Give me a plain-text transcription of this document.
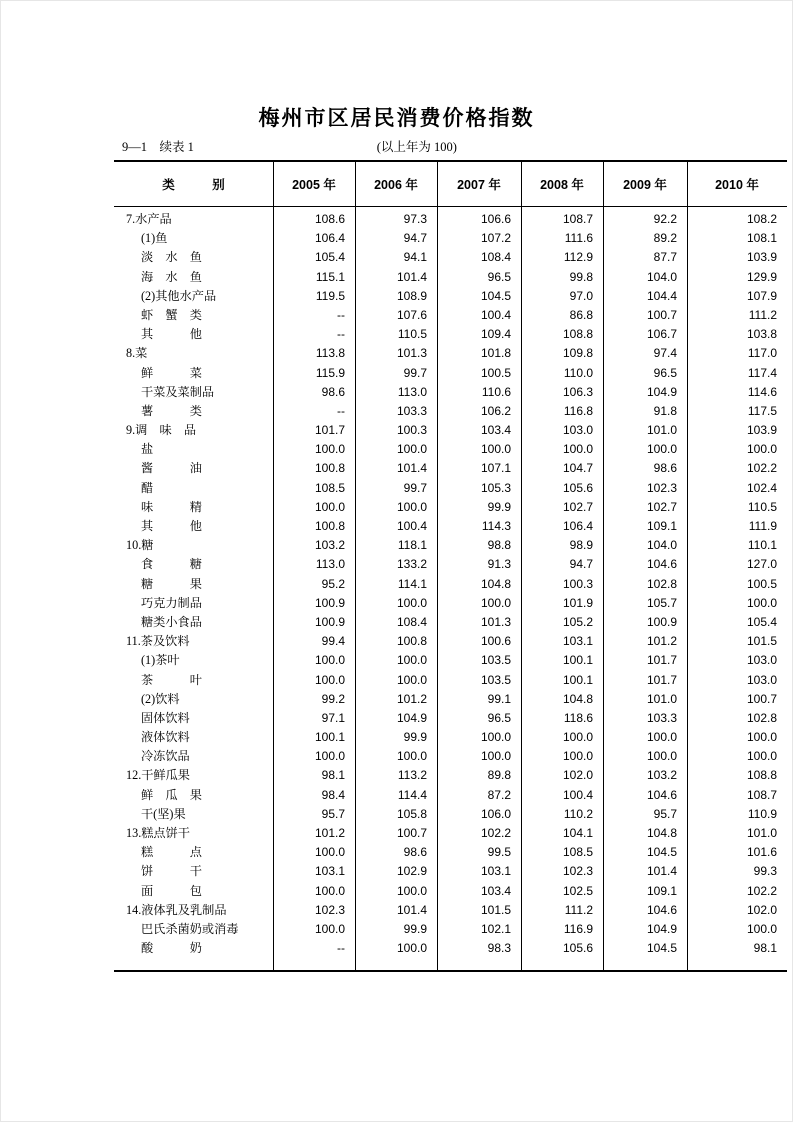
梅州市区居民消费价格指数
9—1　续表 1	(以上年为 100)
类　　　别	2005 年	2006 年	2007 年	2008 年	2009 年	2010 年
7.水产品	108.6	97.3	106.6	108.7	92.2	108.2
(1)鱼	106.4	94.7	107.2	111.6	89.2	108.1
淡　水　鱼	105.4	94.1	108.4	112.9	87.7	103.9
海　水　鱼	115.1	101.4	96.5	99.8	104.0	129.9
(2)其他水产品	119.5	108.9	104.5	97.0	104.4	107.9
虾　蟹　类	--	107.6	100.4	86.8	100.7	111.2
其　　　他	--	110.5	109.4	108.8	106.7	103.8
8.菜	113.8	101.3	101.8	109.8	97.4	117.0
鲜　　　菜	115.9	99.7	100.5	110.0	96.5	117.4
干菜及菜制品	98.6	113.0	110.6	106.3	104.9	114.6
薯　　　类	--	103.3	106.2	116.8	91.8	117.5
9.调　味　品	101.7	100.3	103.4	103.0	101.0	103.9
盐	100.0	100.0	100.0	100.0	100.0	100.0
酱　　　油	100.8	101.4	107.1	104.7	98.6	102.2
醋	108.5	99.7	105.3	105.6	102.3	102.4
味　　　精	100.0	100.0	99.9	102.7	102.7	110.5
其　　　他	100.8	100.4	114.3	106.4	109.1	111.9
10.糖	103.2	118.1	98.8	98.9	104.0	110.1
食　　　糖	113.0	133.2	91.3	94.7	104.6	127.0
糖　　　果	95.2	114.1	104.8	100.3	102.8	100.5
巧克力制品	100.9	100.0	100.0	101.9	105.7	100.0
糖类小食品	100.9	108.4	101.3	105.2	100.9	105.4
11.茶及饮料	99.4	100.8	100.6	103.1	101.2	101.5
(1)茶叶	100.0	100.0	103.5	100.1	101.7	103.0
茶　　　叶	100.0	100.0	103.5	100.1	101.7	103.0
(2)饮料	99.2	101.2	99.1	104.8	101.0	100.7
固体饮料	97.1	104.9	96.5	118.6	103.3	102.8
液体饮料	100.1	99.9	100.0	100.0	100.0	100.0
冷冻饮品	100.0	100.0	100.0	100.0	100.0	100.0
12.干鲜瓜果	98.1	113.2	89.8	102.0	103.2	108.8
鲜　瓜　果	98.4	114.4	87.2	100.4	104.6	108.7
干(坚)果	95.7	105.8	106.0	110.2	95.7	110.9
13.糕点饼干	101.2	100.7	102.2	104.1	104.8	101.0
糕　　　点	100.0	98.6	99.5	108.5	104.5	101.6
饼　　　干	103.1	102.9	103.1	102.3	101.4	99.3
面　　　包	100.0	100.0	103.4	102.5	109.1	102.2
14.液体乳及乳制品	102.3	101.4	101.5	111.2	104.6	102.0
巴氏杀菌奶或消毒	100.0	99.9	102.1	116.9	104.9	100.0
酸　　　奶	--	100.0	98.3	105.6	104.5	98.1
